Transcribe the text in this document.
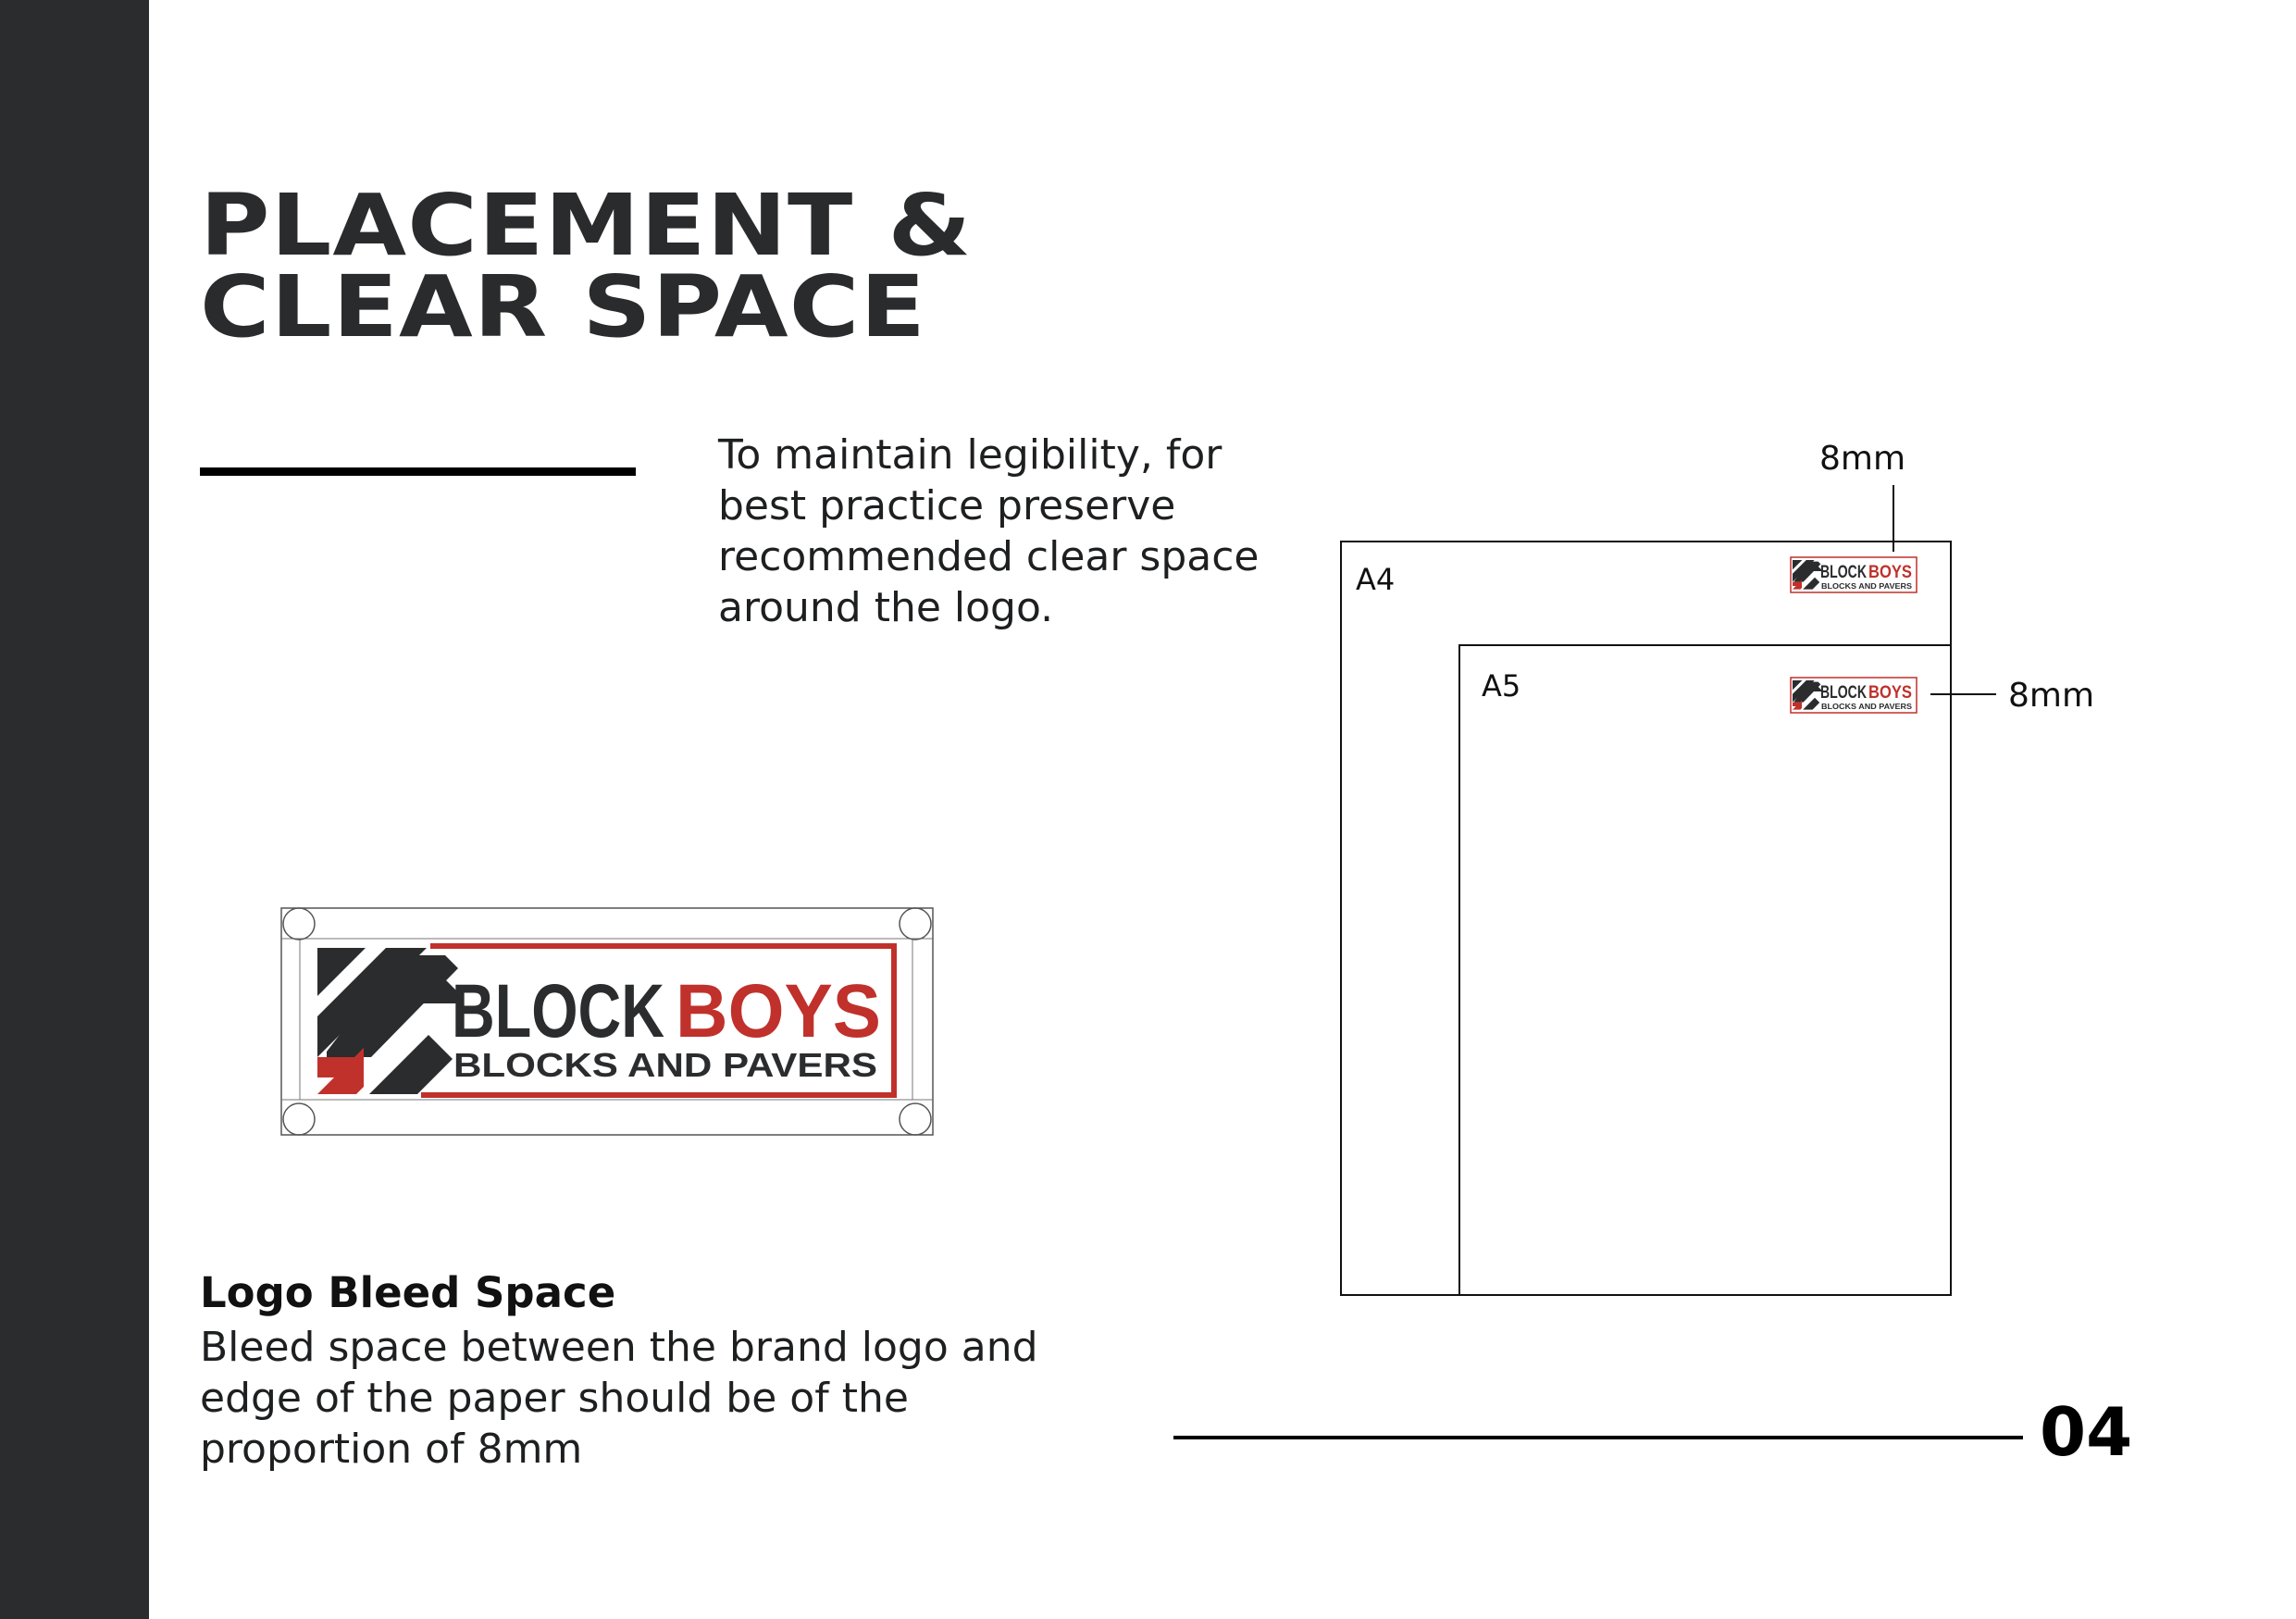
PLACEMENT &
CLEAR SPACE
To maintain legibility, for best practice preserve recommended clear space around the logo.
BLOCK BOYS
BLOCKS AND PAVERS
A4
A5
8mm
8mm
BLOCK BOYS
BLOCKS AND PAVERS
BLOCK BOYS
BLOCKS AND PAVERS
Logo Bleed Space
Bleed space between the brand logo and edge of the paper should be of the proportion of 8mm	04
